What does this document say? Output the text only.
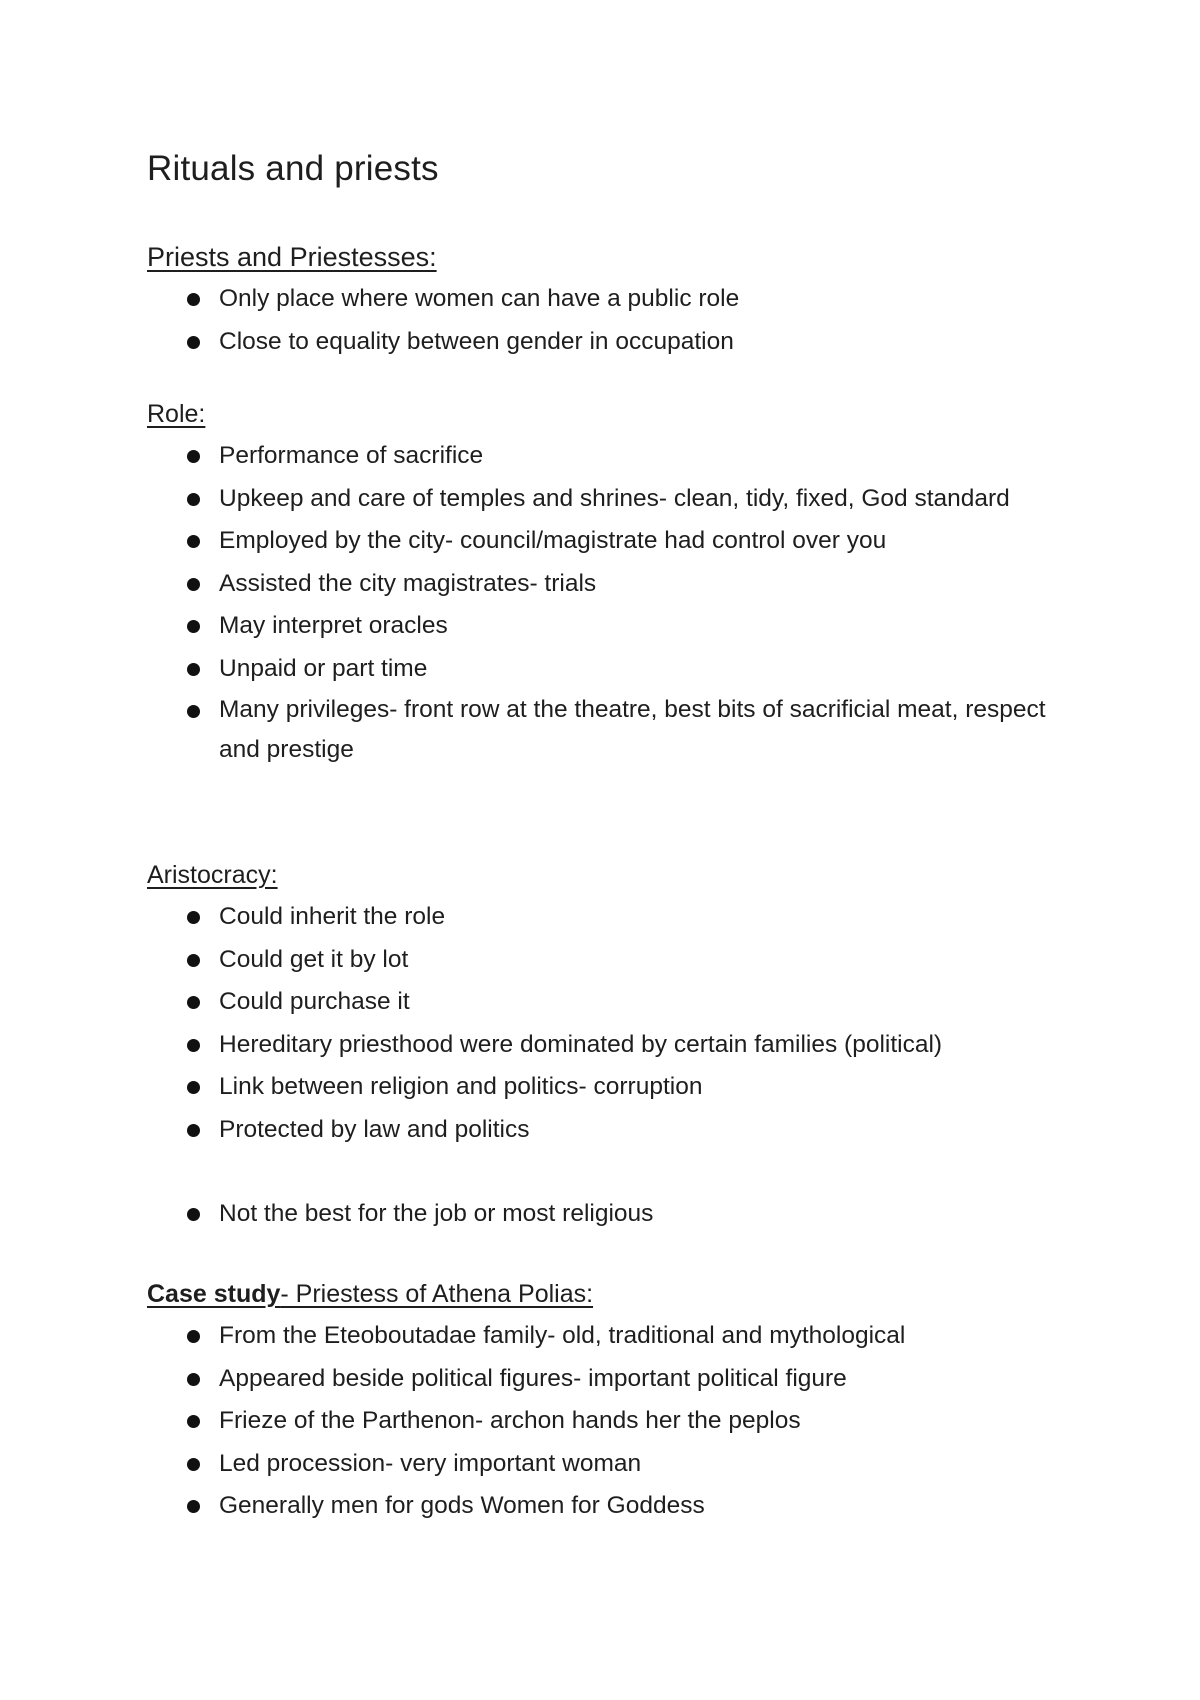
Rituals and priests

Priests and Priestesses:

Only place where women can have a public role
Close to equality between gender in occupation

Role:

Performance of sacrifice
Upkeep and care of temples and shrines- clean, tidy, fixed, God standard
Employed by the city- council/magistrate had control over you
Assisted the city magistrates- trials
May interpret oracles
Unpaid or part time
Many privileges- front row at the theatre, best bits of sacrificial meat, respect and prestige

Aristocracy:

Could inherit the role
Could get it by lot
Could purchase it
Hereditary priesthood were dominated by certain families (political)
Link between religion and politics- corruption
Protected by law and politics
Not the best for the job or most religious

Case study- Priestess of Athena Polias:

From the Eteoboutadae family- old, traditional and mythological
Appeared beside political figures- important political figure
Frieze of the Parthenon- archon hands her the peplos
Led procession- very important woman
Generally men for gods Women for Goddess
